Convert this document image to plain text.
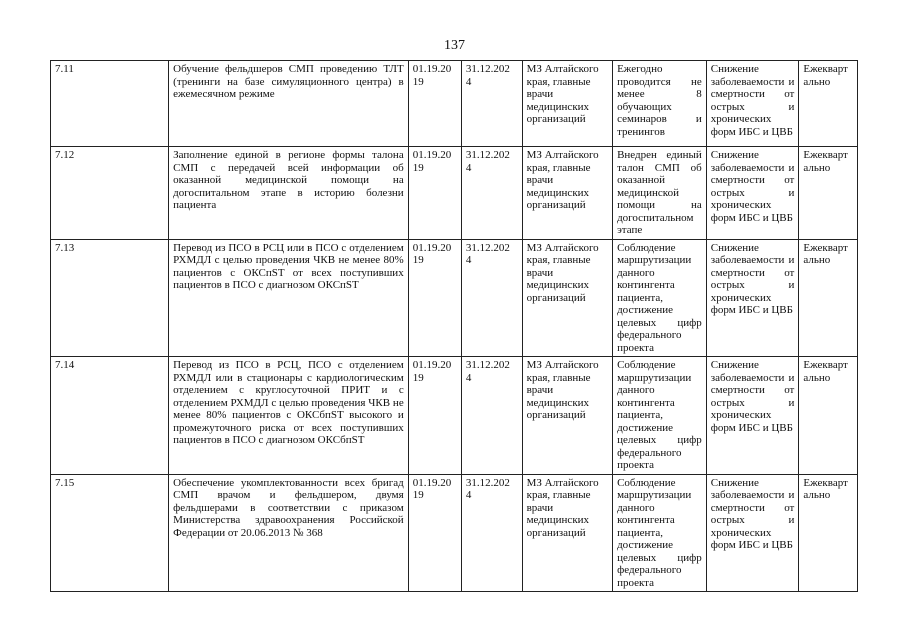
137
7.11	Обучение фельдшеров СМП проведению ТЛТ (тренинги на базе симуляционного центра) в ежемесячном режиме	01.19.20 19	31.12.202 4	МЗ Алтайского края, главные врачи медицинских организаций	Ежегодно проводится не менее 8 обучающих семинаров и тренингов	Снижение заболеваемости и смертности от острых и хронических форм ИБС и ЦВБ	Ежекварт ально
7.12	Заполнение единой в регионе формы талона СМП с передачей всей информации об оказанной медицинской помощи на догоспитальном этапе в историю болезни пациента	01.19.20 19	31.12.202 4	МЗ Алтайского края, главные врачи медицинских организаций	Внедрен единый талон СМП об оказанной медицинской помощи на догоспитальном этапе	Снижение заболеваемости и смертности от острых и хронических форм ИБС и ЦВБ	Ежекварт ально
7.13	Перевод из ПСО в РСЦ или в ПСО с отделением РХМДЛ с целью проведения ЧКВ не менее 80% пациентов с ОКСпST от всех поступивших пациентов в ПСО с диагнозом ОКСпST	01.19.20 19	31.12.202 4	МЗ Алтайского края, главные врачи медицинских организаций	Соблюдение маршрутизации данного контингента пациента, достижение целевых цифр федерального проекта	Снижение заболеваемости и смертности от острых и хронических форм ИБС и ЦВБ	Ежекварт ально
7.14	Перевод из ПСО в РСЦ, ПСО с отделением РХМДЛ или в стационары с кардиологическим отделением с круглосуточной ПРИТ и с отделением РХМДЛ с целью проведения ЧКВ не менее 80% пациентов с ОКСбпST высокого и промежуточного риска от всех поступивших пациентов в ПСО с диагнозом ОКСбпST	01.19.20 19	31.12.202 4	МЗ Алтайского края, главные врачи медицинских организаций	Соблюдение маршрутизации данного контингента пациента, достижение целевых цифр федерального проекта	Снижение заболеваемости и смертности от острых и хронических форм ИБС и ЦВБ	Ежекварт ально
7.15	Обеспечение укомплектованности всех бригад СМП врачом и фельдшером, двумя фельдшерами в соответствии с приказом Министерства здравоохранения Российской Федерации от 20.06.2013 № 368	01.19.20 19	31.12.202 4	МЗ Алтайского края, главные врачи медицинских организаций	Соблюдение маршрутизации данного контингента пациента, достижение целевых цифр федерального проекта	Снижение заболеваемости и смертности от острых и хронических форм ИБС и ЦВБ	Ежекварт ально
